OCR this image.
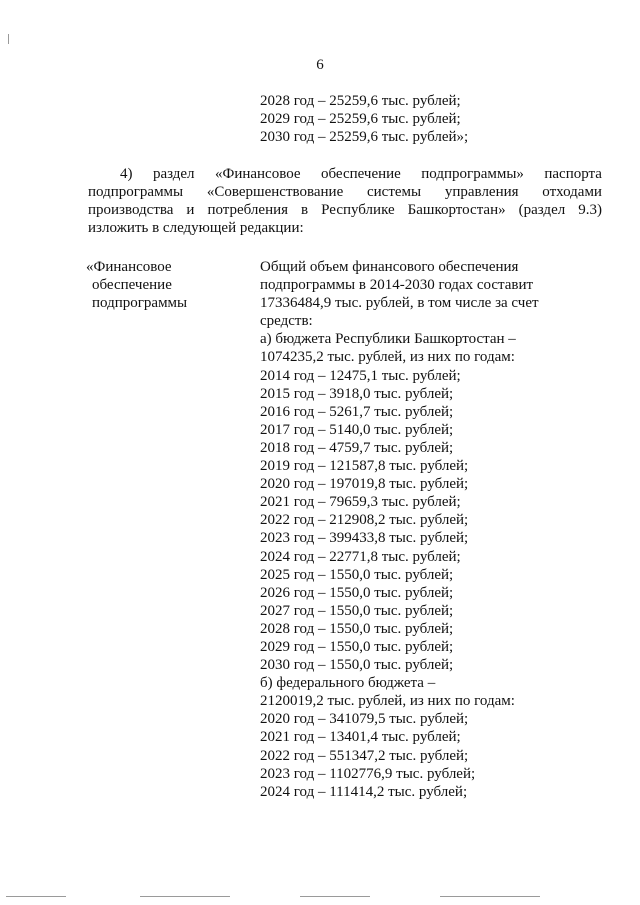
6
2028 год – 25259,6 тыс. рублей;
2029 год – 25259,6 тыс. рублей;
2030 год – 25259,6 тыс. рублей»;
4) раздел «Финансовое обеспечение подпрограммы» паспорта
подпрограммы «Совершенствование системы управления отходами
производства и потребления в Республике Башкортостан» (раздел 9.3)
изложить в следующей редакции:
«Финансовое
обеспечение
подпрограммы
Общий объем финансового обеспечения
подпрограммы в 2014-2030 годах составит
17336484,9 тыс. рублей, в том числе за счет
средств:
а) бюджета Республики Башкортостан –
1074235,2 тыс. рублей, из них по годам:
2014 год – 12475,1 тыс. рублей;
2015 год – 3918,0 тыс. рублей;
2016 год – 5261,7 тыс. рублей;
2017 год – 5140,0 тыс. рублей;
2018 год – 4759,7 тыс. рублей;
2019 год – 121587,8 тыс. рублей;
2020 год – 197019,8 тыс. рублей;
2021 год – 79659,3 тыс. рублей;
2022 год – 212908,2 тыс. рублей;
2023 год – 399433,8 тыс. рублей;
2024 год – 22771,8 тыс. рублей;
2025 год – 1550,0 тыс. рублей;
2026 год – 1550,0 тыс. рублей;
2027 год – 1550,0 тыс. рублей;
2028 год – 1550,0 тыс. рублей;
2029 год – 1550,0 тыс. рублей;
2030 год – 1550,0 тыс. рублей;
б) федерального бюджета –
2120019,2 тыс. рублей, из них по годам:
2020 год – 341079,5 тыс. рублей;
2021 год – 13401,4 тыс. рублей;
2022 год – 551347,2 тыс. рублей;
2023 год – 1102776,9 тыс. рублей;
2024 год – 111414,2 тыс. рублей;
